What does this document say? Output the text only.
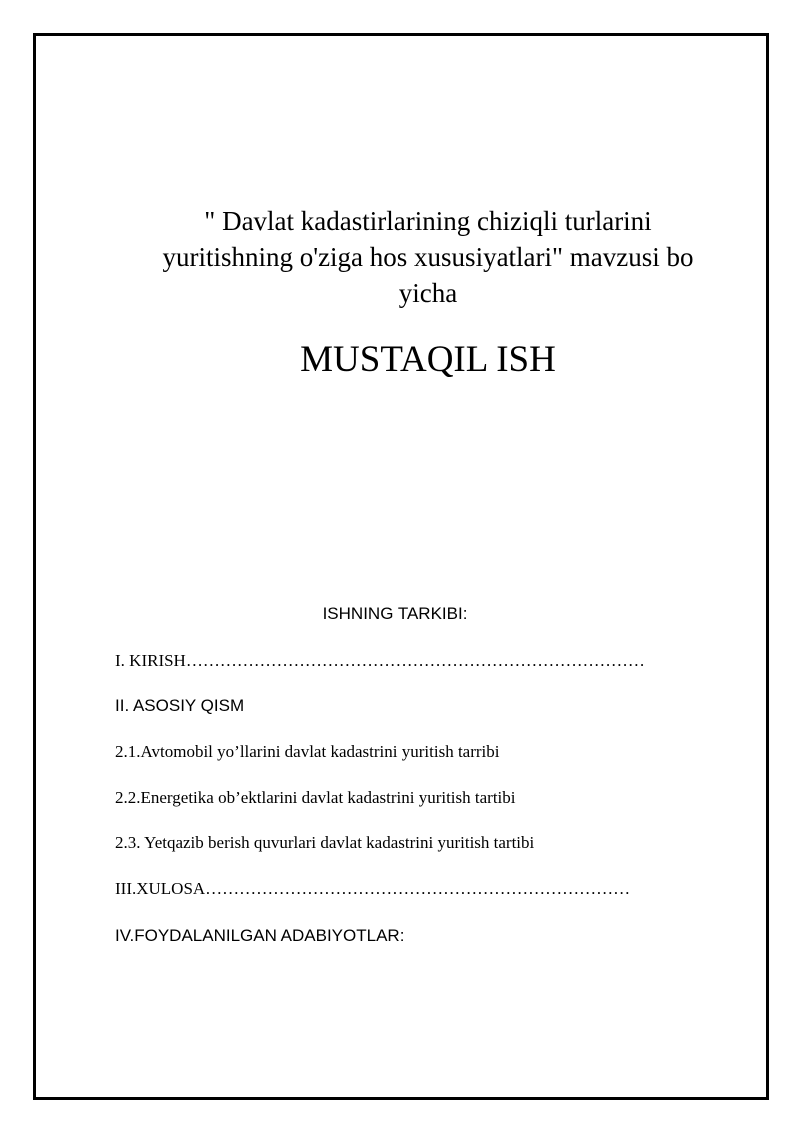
" Davlat kadastirlarining chiziqli turlarini
yuritishning o'ziga hos xususiyatlari" mavzusi bo
yicha
MUSTAQIL ISH
ISHNING TARKIBI:
I. KIRISH………………………………………………………………………
II. ASOSIY QISM
2.1.Avtomobil yo’llarini davlat kadastrini yuritish tarribi
2.2.Energetika ob’ektlarini davlat kadastrini yuritish tartibi
2.3. Yetqazib berish quvurlari davlat kadastrini yuritish tartibi
III.XULOSA…………………………………………………………………
IV.FOYDALANILGAN ADABIYOTLAR:
